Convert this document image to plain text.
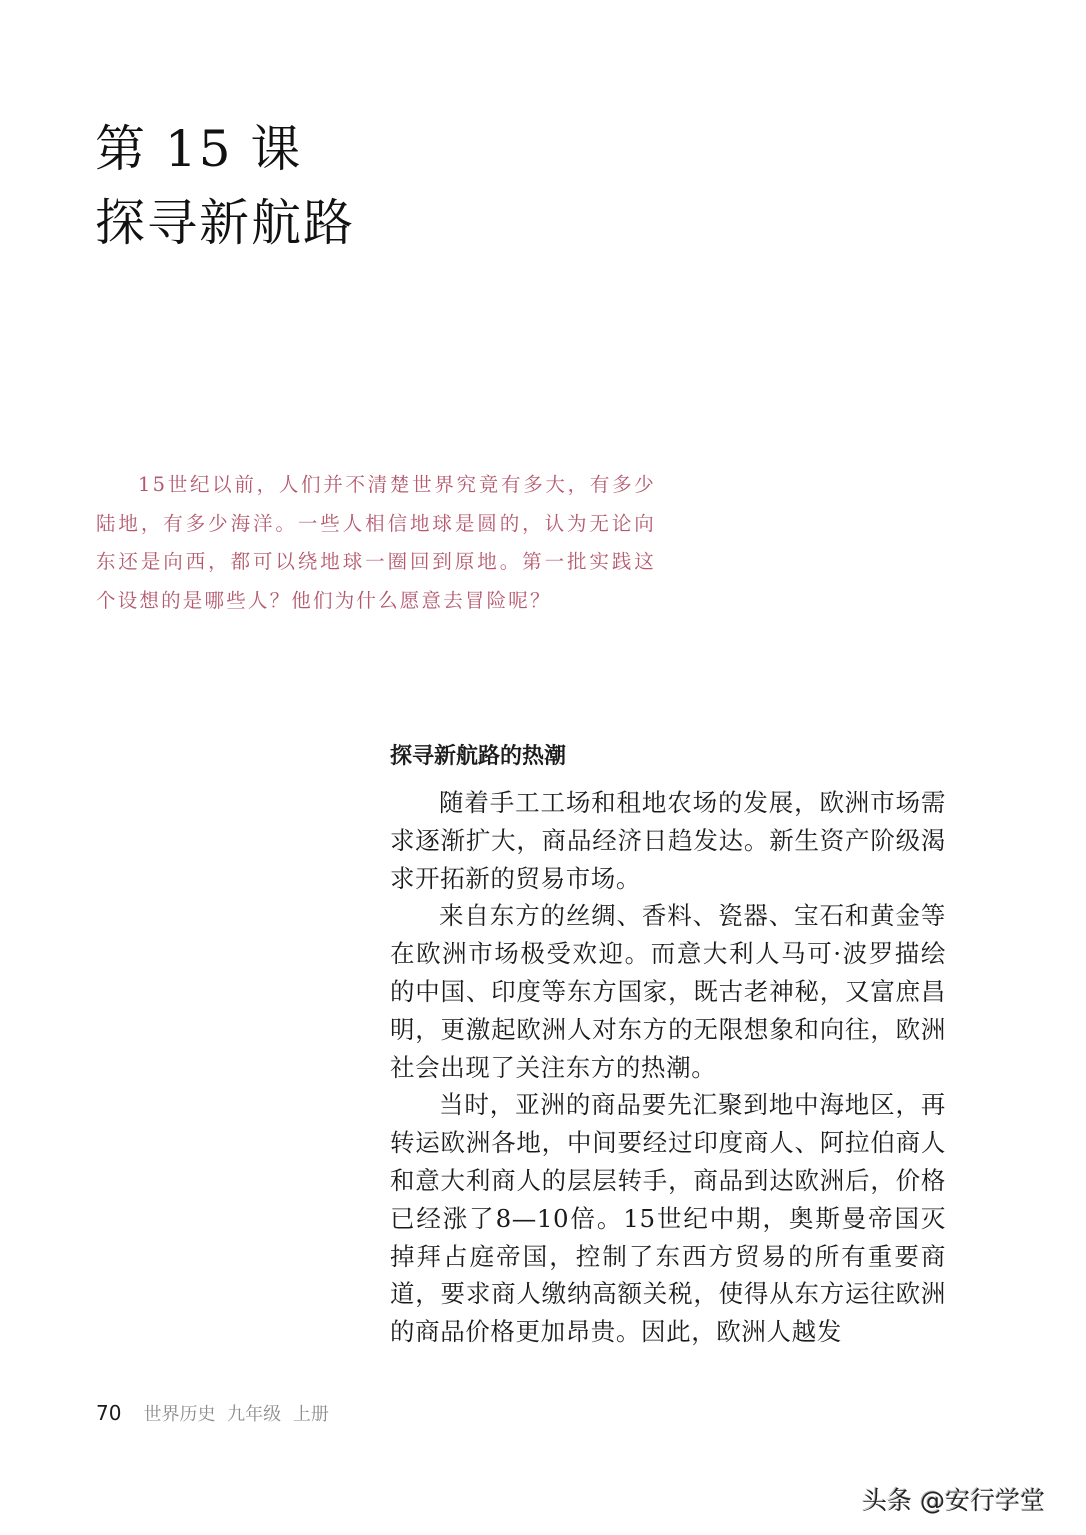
第 15 课
探寻新航路

15世纪以前，人们并不清楚世界究竟有多大，有多少陆地，有多少海洋。一些人相信地球是圆的，认为无论向东还是向西，都可以绕地球一圈回到原地。第一批实践这个设想的是哪些人？他们为什么愿意去冒险呢？

探寻新航路的热潮

随着手工工场和租地农场的发展，欧洲市场需求逐渐扩大，商品经济日趋发达。新生资产阶级渴求开拓新的贸易市场。

来自东方的丝绸、香料、瓷器、宝石和黄金等在欧洲市场极受欢迎。而意大利人马可·波罗描绘的中国、印度等东方国家，既古老神秘，又富庶昌明，更激起欧洲人对东方的无限想象和向往，欧洲社会出现了关注东方的热潮。

当时，亚洲的商品要先汇聚到地中海地区，再转运欧洲各地，中间要经过印度商人、阿拉伯商人和意大利商人的层层转手，商品到达欧洲后，价格已经涨了8—10倍。15世纪中期，奥斯曼帝国灭掉拜占庭帝国，控制了东西方贸易的所有重要商道，要求商人缴纳高额关税，使得从东方运往欧洲的商品价格更加昂贵。因此，欧洲人越发

70 世界历史 九年级 上册
头条 @安行学堂
